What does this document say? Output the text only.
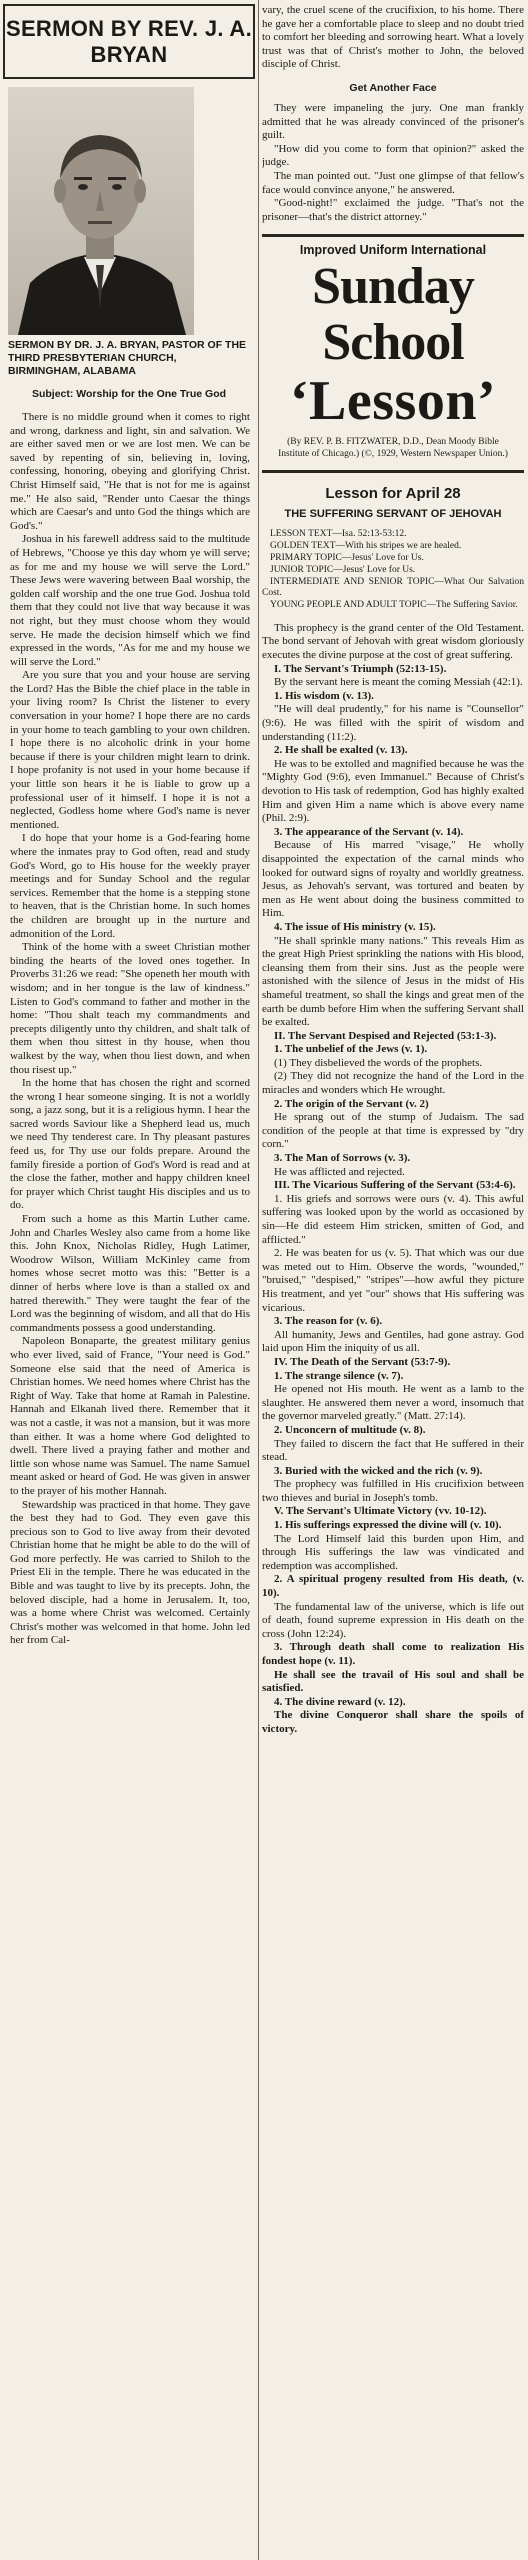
SERMON BY REV. J. A. BRYAN
SERMON BY DR. J. A. BRYAN, PASTOR OF THE THIRD PRESBYTERIAN CHURCH, BIRMINGHAM, ALABAMA
Subject: Worship for the One True God

There is no middle ground when it comes to right and wrong, darkness and light, sin and salvation. We are either saved men or we are lost men. We can be saved by repenting of sin, believing in, loving, confessing, honoring, obeying and glorifying Christ. Christ Himself said, "He that is not for me is against me." He also said, "Render unto Caesar the things which are Caesar's and unto God the things which are God's."

Joshua in his farewell address said to the multitude of Hebrews, "Choose ye this day whom ye will serve; as for me and my house we will serve the Lord." These Jews were wavering between Baal worship, the golden calf worship and the one true God. Joshua told them that they could not live that way because it was not right, but they must choose whom they would serve. He made the decision himself which we find expressed in the words, "As for me and my house we will serve the Lord."

Are you sure that you and your house are serving the Lord? Has the Bible the chief place in the table in your living room? Is Christ the listener to every conversation in your home? I hope there are no cards in your home to teach gambling to your own children. I hope there is no alcoholic drink in your home because if there is your children might learn to drink. I hope profanity is not used in your home because if your little son hears it he is liable to grow up a professional user of it himself. I hope it is not a neglected, Godless home where God's name is never mentioned.

I do hope that your home is a God-fearing home where the inmates pray to God often, read and study God's Word, go to His house for the weekly prayer meetings and for Sunday School and the regular services. Remember that the home is a stepping stone to heaven, that is the Christian home. In such homes the children are brought up in the nurture and admonition of the Lord.

Think of the home with a sweet Christian mother binding the hearts of the loved ones together. In Proverbs 31:26 we read: "She openeth her mouth with wisdom; and in her tongue is the law of kindness." Listen to God's command to father and mother in the home: "Thou shalt teach my commandments and precepts diligently unto thy children, and shalt talk of them when thou sittest in thy house, when thou walkest by the way, when thou liest down, and when thou risest up."

In the home that has chosen the right and scorned the wrong I hear someone singing. It is not a worldly song, a jazz song, but it is a religious hymn. I hear the sacred words Saviour like a Shepherd lead us, much we need Thy tenderest care. In Thy pleasant pastures feed us, for Thy use our folds prepare. Around the family fireside a portion of God's Word is read and at the close the father, mother and happy children kneel for prayer which Christ taught His disciples and us to do.

From such a home as this Martin Luther came. John and Charles Wesley also came from a home like this. John Knox, Nicholas Ridley, Hugh Latimer, Woodrow Wilson, William McKinley came from homes whose secret motto was this: "Better is a dinner of herbs where love is than a stalled ox and hatred therewith." They were taught the fear of the Lord was the beginning of wisdom, and all that do His commandments possess a good understanding.

Napoleon Bonaparte, the greatest military genius who ever lived, said of France, "Your need is God." Someone else said that the need of America is Christian homes. We need homes where Christ has the Right of Way. Take that home at Ramah in Palestine. Hannah and Elkanah lived there. Remember that it was not a castle, it was not a mansion, but it was more than either. It was a home where God delighted to dwell. There lived a praying father and mother and little son whose name was Samuel. The name Samuel meant asked or heard of God. He was given in answer to the prayer of his mother Hannah.

Stewardship was practiced in that home. They gave the best they had to God. They even gave this precious son to God to live away from their devoted Christian home that he might be able to do the will of God more perfectly. He was carried to Shiloh to the Priest Eli in the temple. There he was educated in the Bible and was taught to live by its precepts. John, the beloved disciple, had a home in Jerusalem. It, too, was a home where Christ was welcomed. Certainly Christ's mother was welcomed in that home. John led her from Cal-

vary, the cruel scene of the crucifixion, to his home. There he gave her a comfortable place to sleep and no doubt tried to comfort her bleeding and sorrowing heart. What a lovely trust was that of Christ's mother to John, the beloved disciple of Christ.

Get Another Face

They were impaneling the jury. One man frankly admitted that he was already convinced of the prisoner's guilt.

"How did you come to form that opinion?" asked the judge.

The man pointed out. "Just one glimpse of that fellow's face would convince anyone," he answered.

"Good-night!" exclaimed the judge. "That's not the prisoner—that's the district attorney."

Improved Uniform International
Sunday School
‘Lesson’
(By REV. P. B. FITZWATER, D.D., Dean Moody Bible Institute of Chicago.) (©, 1929, Western Newspaper Union.)
Lesson for April 28
THE SUFFERING SERVANT OF JEHOVAH

LESSON TEXT—Isa. 52:13-53:12.

GOLDEN TEXT—With his stripes we are healed.

PRIMARY TOPIC—Jesus' Love for Us.

JUNIOR TOPIC—Jesus' Love for Us.

INTERMEDIATE AND SENIOR TOPIC—What Our Salvation Cost.

YOUNG PEOPLE AND ADULT TOPIC—The Suffering Savior.

This prophecy is the grand center of the Old Testament. The bond servant of Jehovah with great wisdom gloriously executes the divine purpose at the cost of great suffering.

I. The Servant's Triumph (52:13-15).

By the servant here is meant the coming Messiah (42:1).

1. His wisdom (v. 13).

"He will deal prudently," for his name is "Counsellor" (9:6). He was filled with the spirit of wisdom and understanding (11:2).

2. He shall be exalted (v. 13).

He was to be extolled and magnified because he was the "Mighty God (9:6), even Immanuel." Because of Christ's devotion to His task of redemption, God has highly exalted Him and given Him a name which is above every name (Phil. 2:9).

3. The appearance of the Servant (v. 14).

Because of His marred "visage," He wholly disappointed the expectation of the carnal minds who looked for outward signs of royalty and worldly greatness. Jesus, as Jehovah's servant, was tortured and beaten by men as He went about doing the business committed to Him.

4. The issue of His ministry (v. 15).

"He shall sprinkle many nations." This reveals Him as the great High Priest sprinkling the nations with His blood, cleansing them from their sins. Just as the people were astonished with the silence of Jesus in the midst of His shameful treatment, so shall the kings and great men of the earth be dumb before Him when the suffering Servant shall be exalted.

II. The Servant Despised and Rejected (53:1-3).

1. The unbelief of the Jews (v. 1).

(1) They disbelieved the words of the prophets.

(2) They did not recognize the hand of the Lord in the miracles and wonders which He wrought.

2. The origin of the Servant (v. 2)

He sprang out of the stump of Judaism. The sad condition of the people at that time is expressed by "dry corn."

3. The Man of Sorrows (v. 3).

He was afflicted and rejected.

III. The Vicarious Suffering of the Servant (53:4-6).

1. His griefs and sorrows were ours (v. 4). This awful suffering was looked upon by the world as occasioned by sin—He did esteem Him stricken, smitten of God, and afflicted."

2. He was beaten for us (v. 5). That which was our due was meted out to Him. Observe the words, "wounded," "bruised," "despised," "stripes"—how awful they picture His treatment, and yet "our" shows that His suffering was vicarious.

3. The reason for (v. 6).

All humanity, Jews and Gentiles, had gone astray. God laid upon Him the iniquity of us all.

IV. The Death of the Servant (53:7-9).

1. The strange silence (v. 7).

He opened not His mouth. He went as a lamb to the slaughter. He answered them never a word, insomuch that the governor marveled greatly." (Matt. 27:14).

2. Unconcern of multitude (v. 8).

They failed to discern the fact that He suffered in their stead.

3. Buried with the wicked and the rich (v. 9).

The prophecy was fulfilled in His crucifixion between two thieves and burial in Joseph's tomb.

V. The Servant's Ultimate Victory (vv. 10-12).

1. His sufferings expressed the divine will (v. 10).

The Lord Himself laid this burden upon Him, and through His sufferings the law was vindicated and redemption was accomplished.

2. A spiritual progeny resulted from His death, (v. 10).

The fundamental law of the universe, which is life out of death, found supreme expression in His death on the cross (John 12:24).

3. Through death shall come to realization His fondest hope (v. 11).

He shall see the travail of His soul and shall be satisfied.

4. The divine reward (v. 12).

The divine Conqueror shall share the spoils of victory.
